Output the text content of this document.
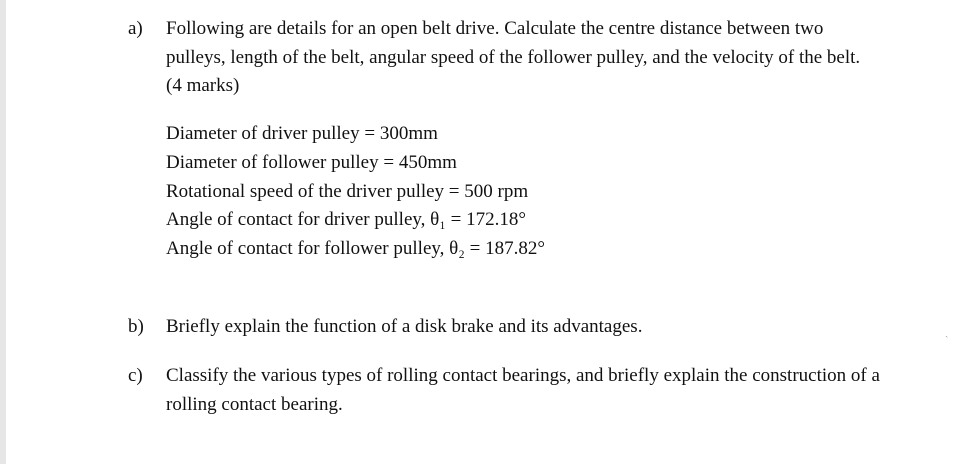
a) Following are details for an open belt drive. Calculate the centre distance between two
pulleys, length of the belt, angular speed of the follower pulley, and the velocity of the belt.
(4 marks)
Diameter of driver pulley = 300mm
Diameter of follower pulley = 450mm
Rotational speed of the driver pulley = 500 rpm
Angle of contact for driver pulley, θ₁ = 172.18°
Angle of contact for follower pulley, θ₂ = 187.82°
b) Briefly explain the function of a disk brake and its advantages.	ˏ
c) Classify the various types of rolling contact bearings, and briefly explain the construction of a
rolling contact bearing.
